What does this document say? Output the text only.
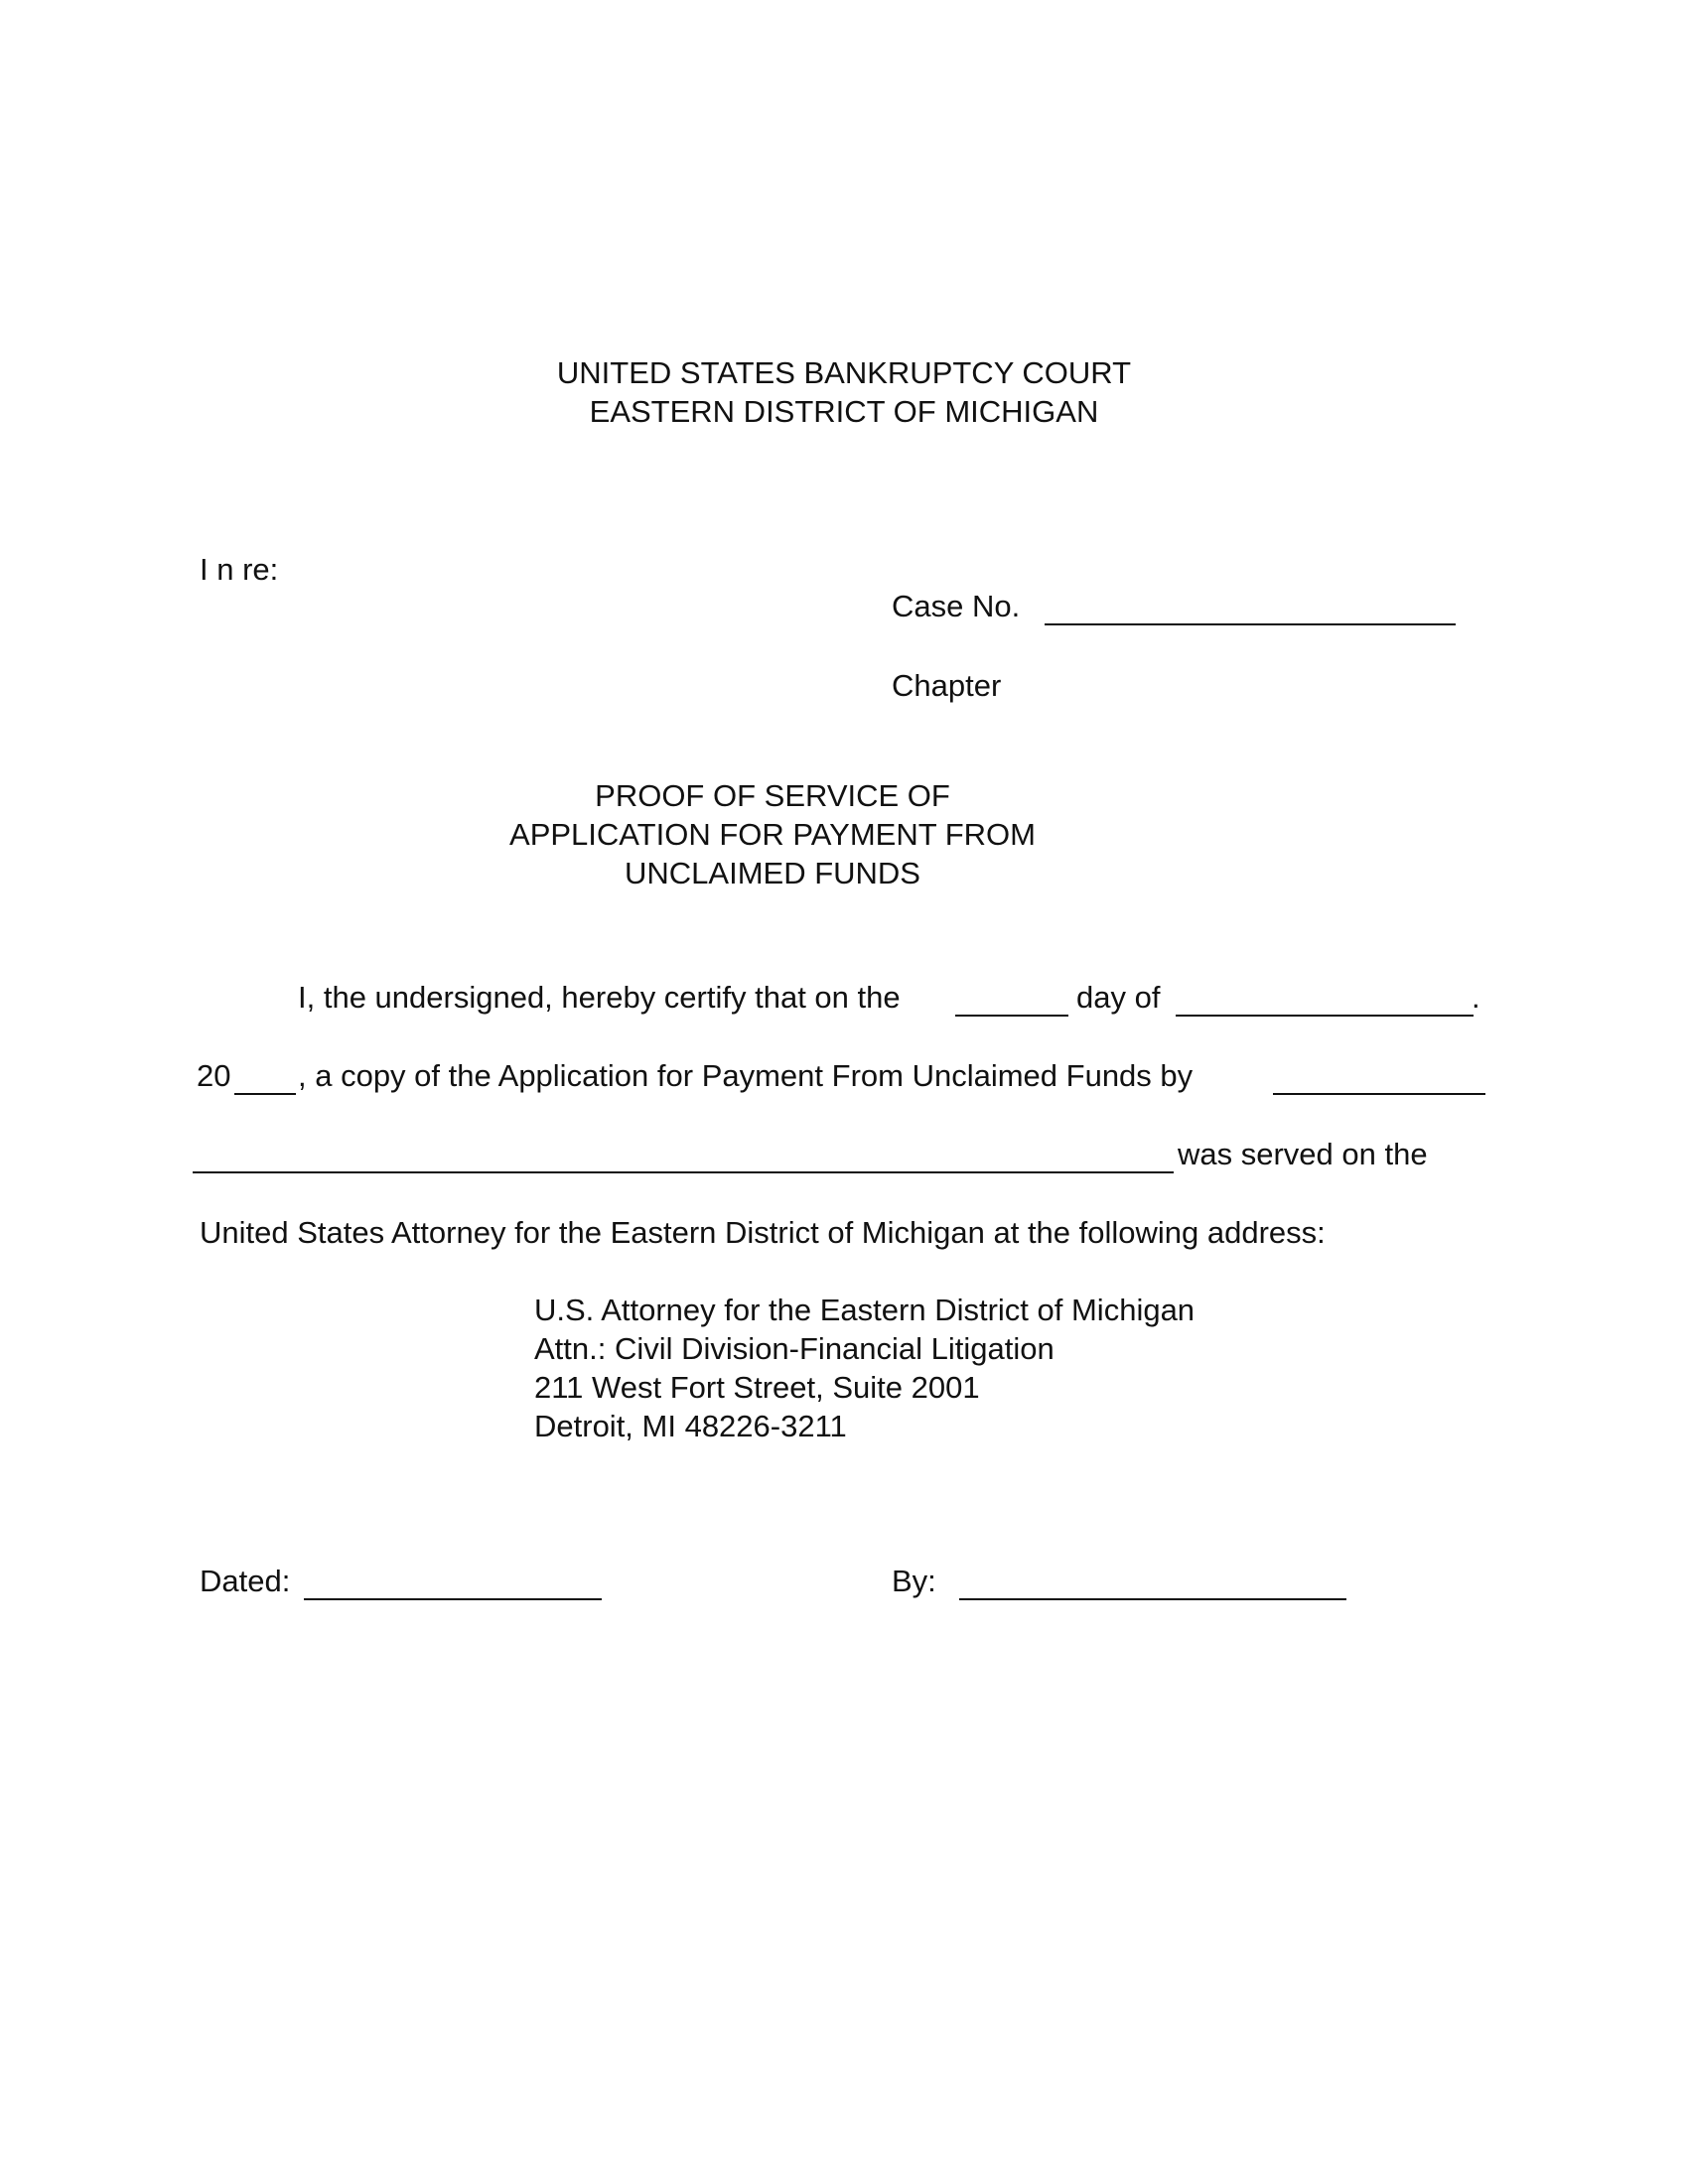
UNITED STATES BANKRUPTCY COURT
EASTERN DISTRICT OF MICHIGAN
I n re:
Case No.
Chapter
PROOF OF SERVICE OF
APPLICATION FOR PAYMENT FROM
UNCLAIMED FUNDS
I, the undersigned, hereby certify that on the	day of	.
20 , a copy of the Application for Payment From Unclaimed Funds by
was served on the
United States Attorney for the Eastern District of Michigan at the following address:
U.S. Attorney for the Eastern District of Michigan
Attn.: Civil Division-Financial Litigation
211 West Fort Street, Suite 2001
Detroit, MI 48226-3211
Dated:	By:
